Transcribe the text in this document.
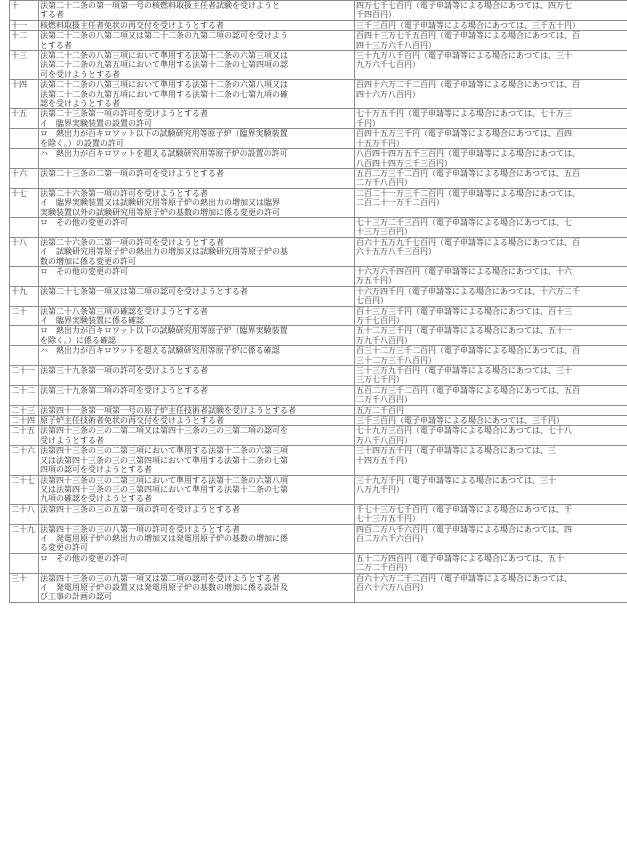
十	法第二十二条の第一項第一号の核燃料取扱主任者試験を受けようと
する者	四万七千七百円（電子申請等による場合にあつては、四万七
千四百円）

十一	核燃料取扱主任者免状の再交付を受けようとする者	三千三百円（電子申請等による場合にあつては、三千五十円）

十二	法第二十二条の八第二項又は第二十二条の九第二項の認可を受けよう
とする者	百四十三万七千五百円（電子申請等による場合にあつては、百
四十三万六千八百円）

十三	法第二十二条の八第三項において準用する法第十二条の六第三項又は
法第二十二条の九第五項において準用する法第十二条の七第四項の認
可を受けようとする者	三十九万八千百円（電子申請等による場合にあつては、三十
九万六千七百円）

十四	法第二十二条の八第三項において準用する法第十二条の六第八項又は
法第二十二条の九第五項において準用する法第十二条の七第九項の確
認を受けようとする者	百四十六万二千二百円（電子申請等による場合にあつては、百
四十六万八百円）

十五	法第二十三条第一項の許可を受けようとする者
イ　臨界実験装置の設置の許可	七十万五千円（電子申請等による場合にあつては、七十万三
千円）

	ロ　熱出力が百キロワット以下の試験研究用等原子炉（臨界実験装置
を除く。）の設置の許可	百四十五万三千円（電子申請等による場合にあつては、百四
十五万千円）

	ハ　熱出力が百キロワットを超える試験研究用等原子炉の設置の許可	八百四十四万五千三百円（電子申請等による場合にあつては、
八百四十四万三千三百円）

十六	法第二十三条の二第一項の許可を受けようとする者	五百二万三千二百円（電子申請等による場合にあつては、五百
二万千八百円）

十七	法第二十六条第一項の許可を受けようとする者
イ　臨界実験装置又は試験研究用等原子炉の熱出力の増加又は臨界
実験装置以外の試験研究用等原子炉の基数の増加に係る変更の許可	二百二十一万三千二百円（電子申請等による場合にあつては、
二百二十一万千二百円）

	ロ　その他の変更の許可	七十三万二千三百円（電子申請等による場合にあつては、七
十三万三百円）

十八	法第二十六条の二第一項の許可を受けようとする者
イ　試験研究用等原子炉の熱出力の増加又は試験研究用等原子炉の基
数の増加に係る変更の許可	百六十五万九千七百円（電子申請等による場合にあつては、百
六十五万八千三百円）

	ロ　その他の変更の許可	十六万六千四百円（電子申請等による場合にあつては、十六
万五千円）

十九	法第二十七条第一項又は第二項の認可を受けようとする者	十六万四千円（電子申請等による場合にあつては、十六万二千
七百円）

二十	法第二十八条第三項の確認を受けようとする者
イ　臨界実験装置に係る確認	百十三万三千円（電子申請等による場合にあつては、百十三
万千七百円）

	ロ　熱出力が百キロワット以下の試験研究用等原子炉（臨界実験装置
を除く。）に係る確認	五十二万三千円（電子申請等による場合にあつては、五十一
万九千八百円）

	ハ　熱出力が百キロワットを超える試験研究用等原子炉に係る確認	百三十二万三千二百円（電子申請等による場合にあつては、百
三十二万三千八百円）

二十一	法第三十九条第一項の許可を受けようとする者	三十三万九千百円（電子申請等による場合にあつては、三十
三万七千円）

二十二	法第三十九条第二項の許可を受けようとする者	五百二万三千二百円（電子申請等による場合にあつては、五百
二万千八百円）

二十三	法第四十一条第一項第一号の原子炉主任技術者試験を受けようとする者	五万二千百円

二十四	原子炉主任技術者免状の再交付を受けようとする者	三千三百円（電子申請等による場合にあつては、三千円）

二十五	法第四十三条の三の二第二項又は第四十三条の三の三第二項の認可を
受けようとする者	七十九万三百円（電子申請等による場合にあつては、七十八
万八千八百円）

二十六	法第四十三条の三の二第三項において準用する法第十二条の六第三項
又は法第四十三条の三の三第四項において準用する法第十二条の七第
四項の認可を受けようとする者	三十四万五千円（電子申請等による場合にあつては、三
十四万五千円）

二十七	法第四十三条の三の二第三項において準用する法第十二条の六第八項
又は法第四十三条の三の三第四項において準用する法第十二条の七第
九項の確認を受けようとする者	三十九万千円（電子申請等による場合にあつては、三十
八万九千円）

二十八	法第四十三条の三の五第一項の許可を受けようとする者	千七十三万七千百円（電子申請等による場合にあつては、千
七十三万五千円）

二十九	法第四十三条の三の八第一項の許可を受けようとする者
イ　発電用原子炉の熱出力の増加又は発電用原子炉の基数の増加に係
る変更の許可	四百二万八千六百円（電子申請等による場合にあつては、四
百二万六千六百円）

	ロ　その他の変更の許可	五十二万四百円（電子申請等による場合にあつては、五十
二万二千百円）

三十	法第四十三条の三の九第一項又は第二項の認可を受けようとする者
イ　発電用原子炉の設置又は発電用原子炉の基数の増加に係る設計及
び工事の計画の認可	百六十六万二千二百円（電子申請等による場合にあつては、
百六十六万八百円）
